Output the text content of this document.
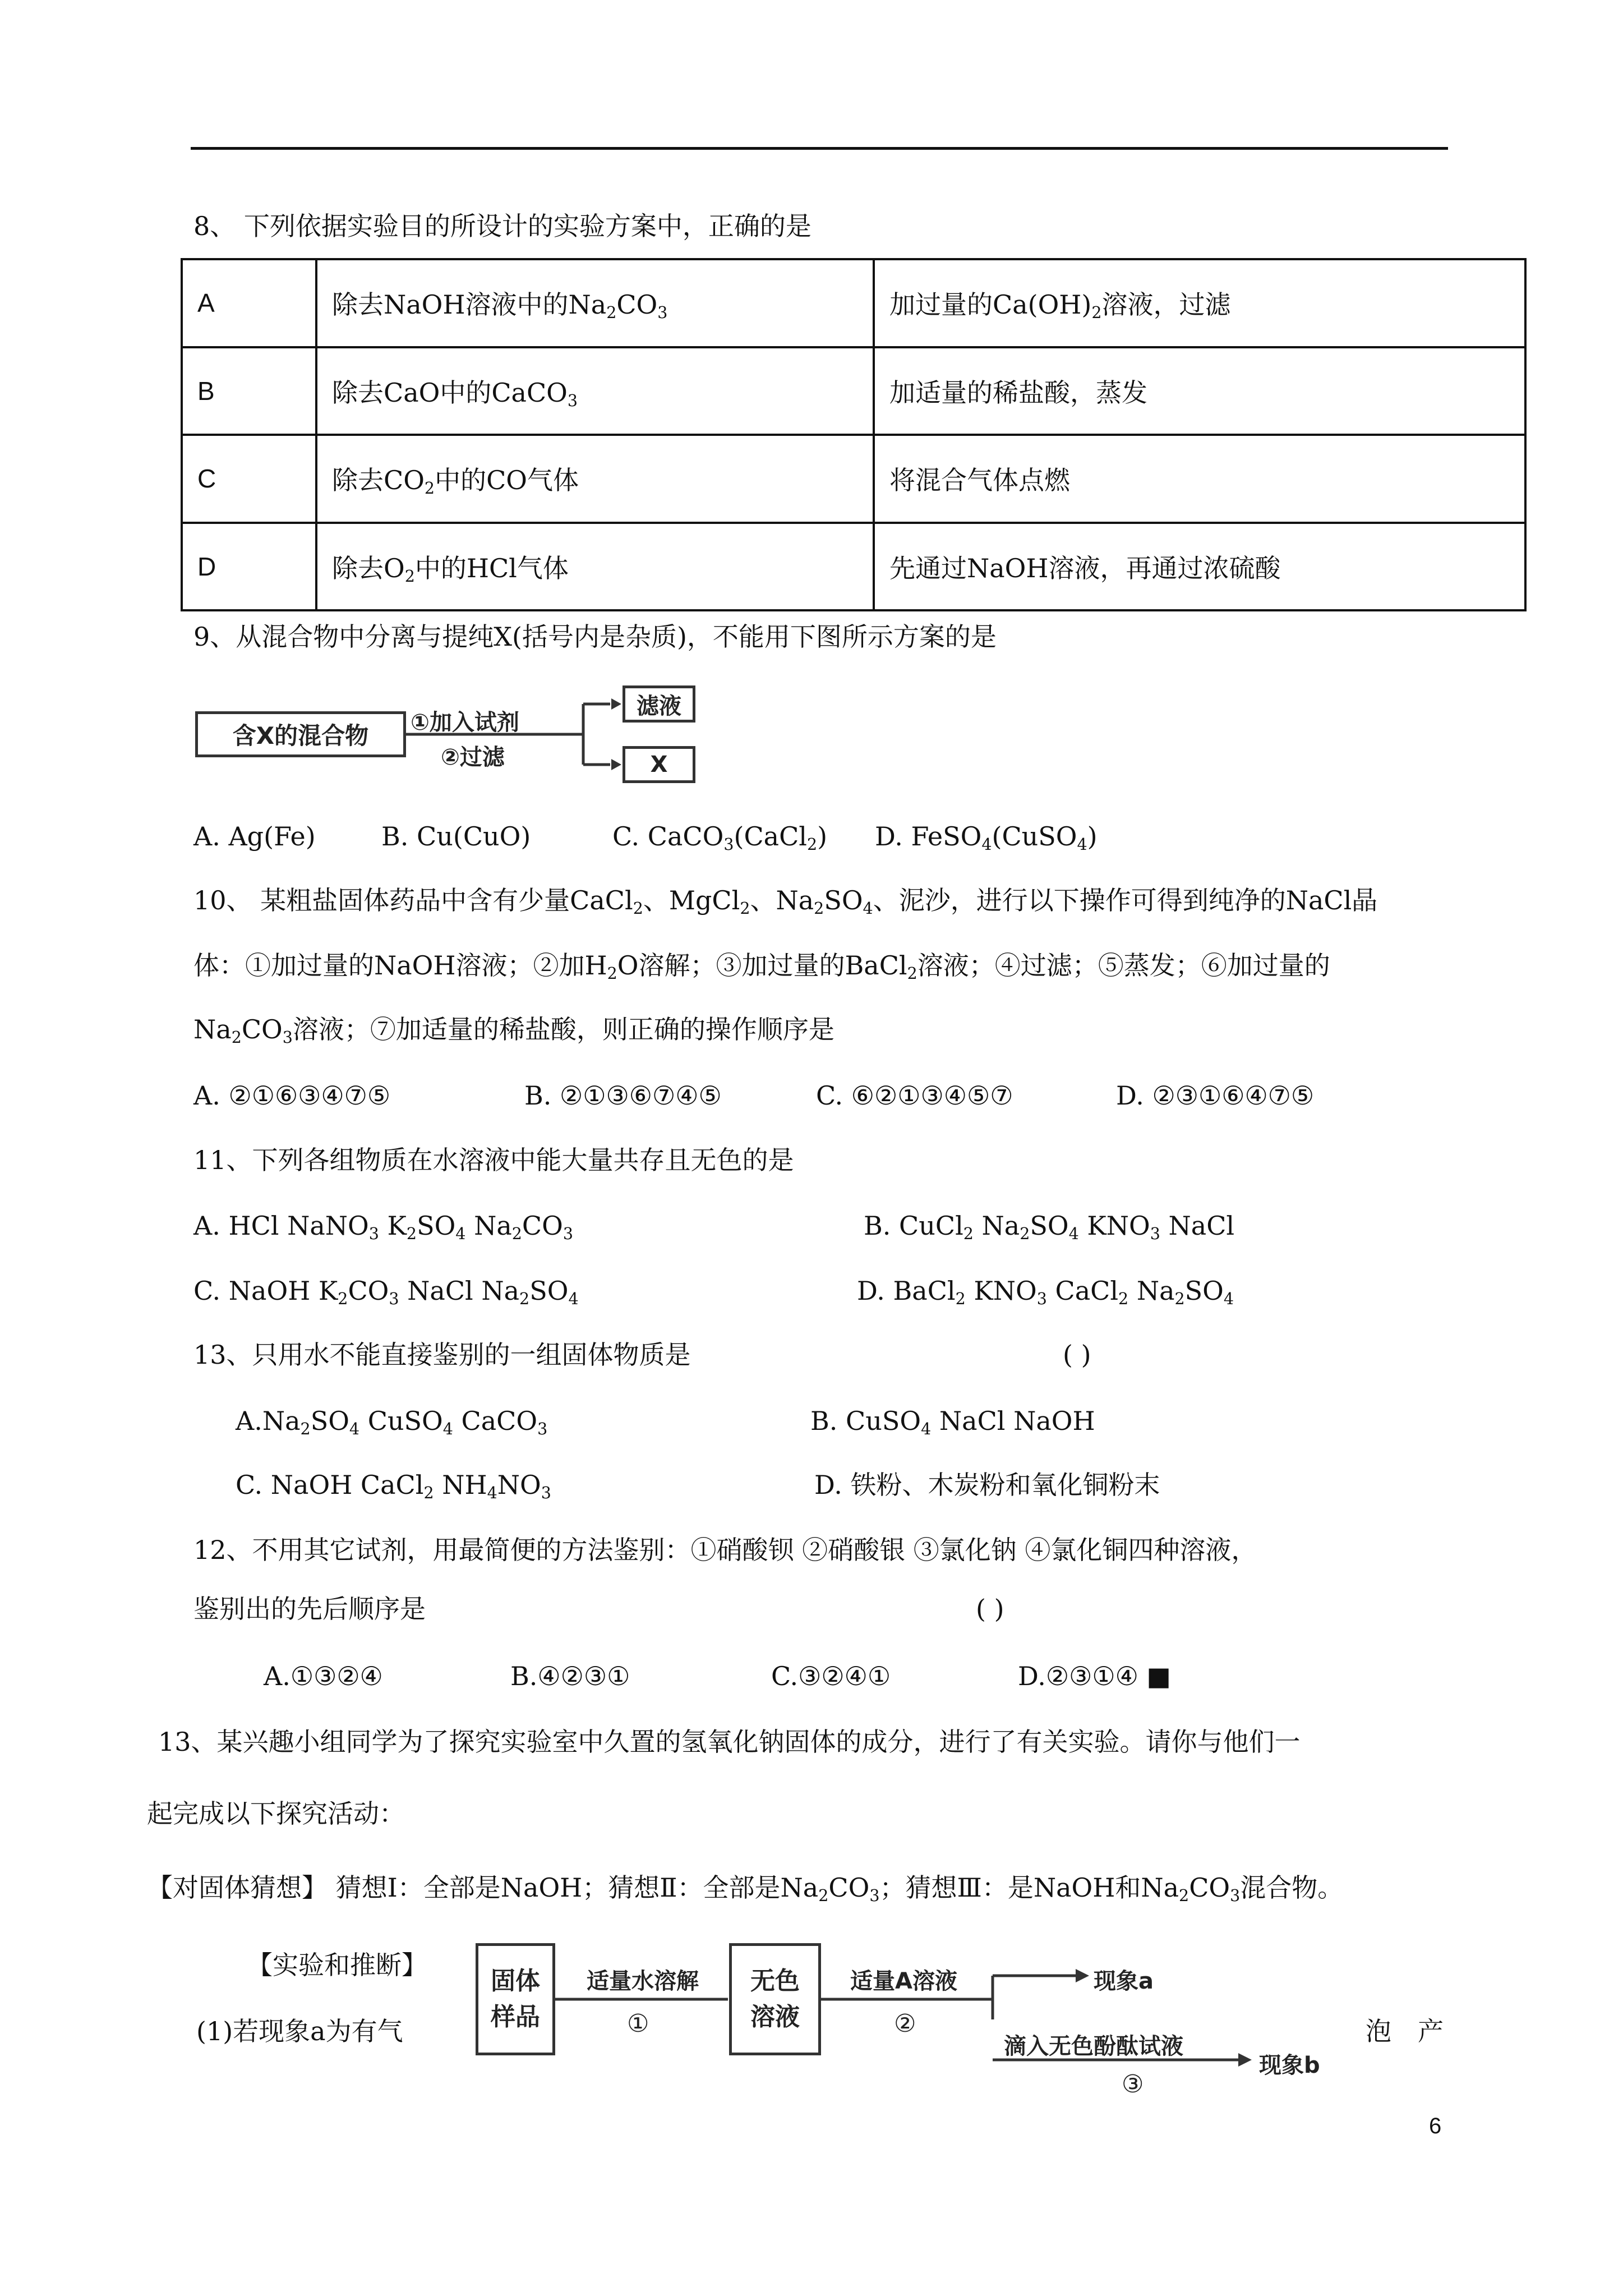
8、 下列依据实验目的所设计的实验方案中，正确的是
A	除去NaOH溶液中的$Na_2CO_3$	加过量的$Ca(OH)_2$溶液，过滤
B	除去CaO中的CaCO$_3$	加适量的稀盐酸，蒸发
C	除去$CO_2$中的CO气体	将混合气体点燃
D	除去$O_2$中的HCl气体	先通过NaOH溶液，再通过浓硫酸
9、从混合物中分离与提纯X(括号内是杂质)，不能用下图所示方案的是
含X的混合物	①加入试剂
②过滤
滤液
X
A. Ag(Fe)	B. Cu(CuO)	C. CaCO$_3$(CaCl$_2$) D. FeSO$_4$(CuSO$_4$)
10、 某粗盐固体药品中含有少量CaCl$_2$、MgCl$_2$、$Na_2SO_4$、泥沙，进行以下操作可得到纯净的NaCl晶
体：①加过量的NaOH溶液；②加$H_2O$溶解；③加过量的BaCl$_2$溶液；④过滤；⑤蒸发；⑥加过量的
$Na_2CO_3$溶液；⑦加适量的稀盐酸，则正确的操作顺序是
A. ②①⑥③④⑦⑤	B. ②①③⑥⑦④⑤	C. ⑥②①③④⑤⑦	D. ②③①⑥④⑦⑤
11、下列各组物质在水溶液中能大量共存且无色的是
A. HCl NaNO$_3$ $K_2SO_4$ $Na_2CO_3$	B. CuCl$_2$ $Na_2SO_4$ $KNO_3$ NaCl
C. NaOH $K_2CO_3$ NaCl $Na_2SO_4$	D. BaCl$_2$ $KNO_3$ CaCl$_2$ $Na_2SO_4$
13、只用水不能直接鉴别的一组固体物质是	( )
$A.Na_2SO_4$ CuSO$_4$ CaCO$_3$	B. CuSO$_4$ NaCl NaOH
C. NaOH CaCl$_2$ $NH_4NO_3$	D. 铁粉、木炭粉和氧化铜粉末
12、不用其它试剂，用最简便的方法鉴别：①硝酸钡 ②硝酸银 ③氯化钠 ④氯化铜四种溶液，
鉴别出的先后顺序是	( )
A.①③②④	B.④②③①	C.③②④①	D.②③①④ ■
13、某兴趣小组同学为了探究实验室中久置的氢氧化钠固体的成分，进行了有关实验。请你与他们一
起完成以下探究活动：
【对固体猜想】 猜想Ⅰ：全部是NaOH；猜想Ⅱ：全部是$Na_2CO_3$；猜想Ⅲ：是NaOH和$Na_2CO_3$混合物。
【实验和推断】
(1)若现象a为有气	泡 产
固体样品
无色溶液
适量水溶解
①
适量A溶液
②
现象a
滴入无色酚酞试液
③
现象b
6
